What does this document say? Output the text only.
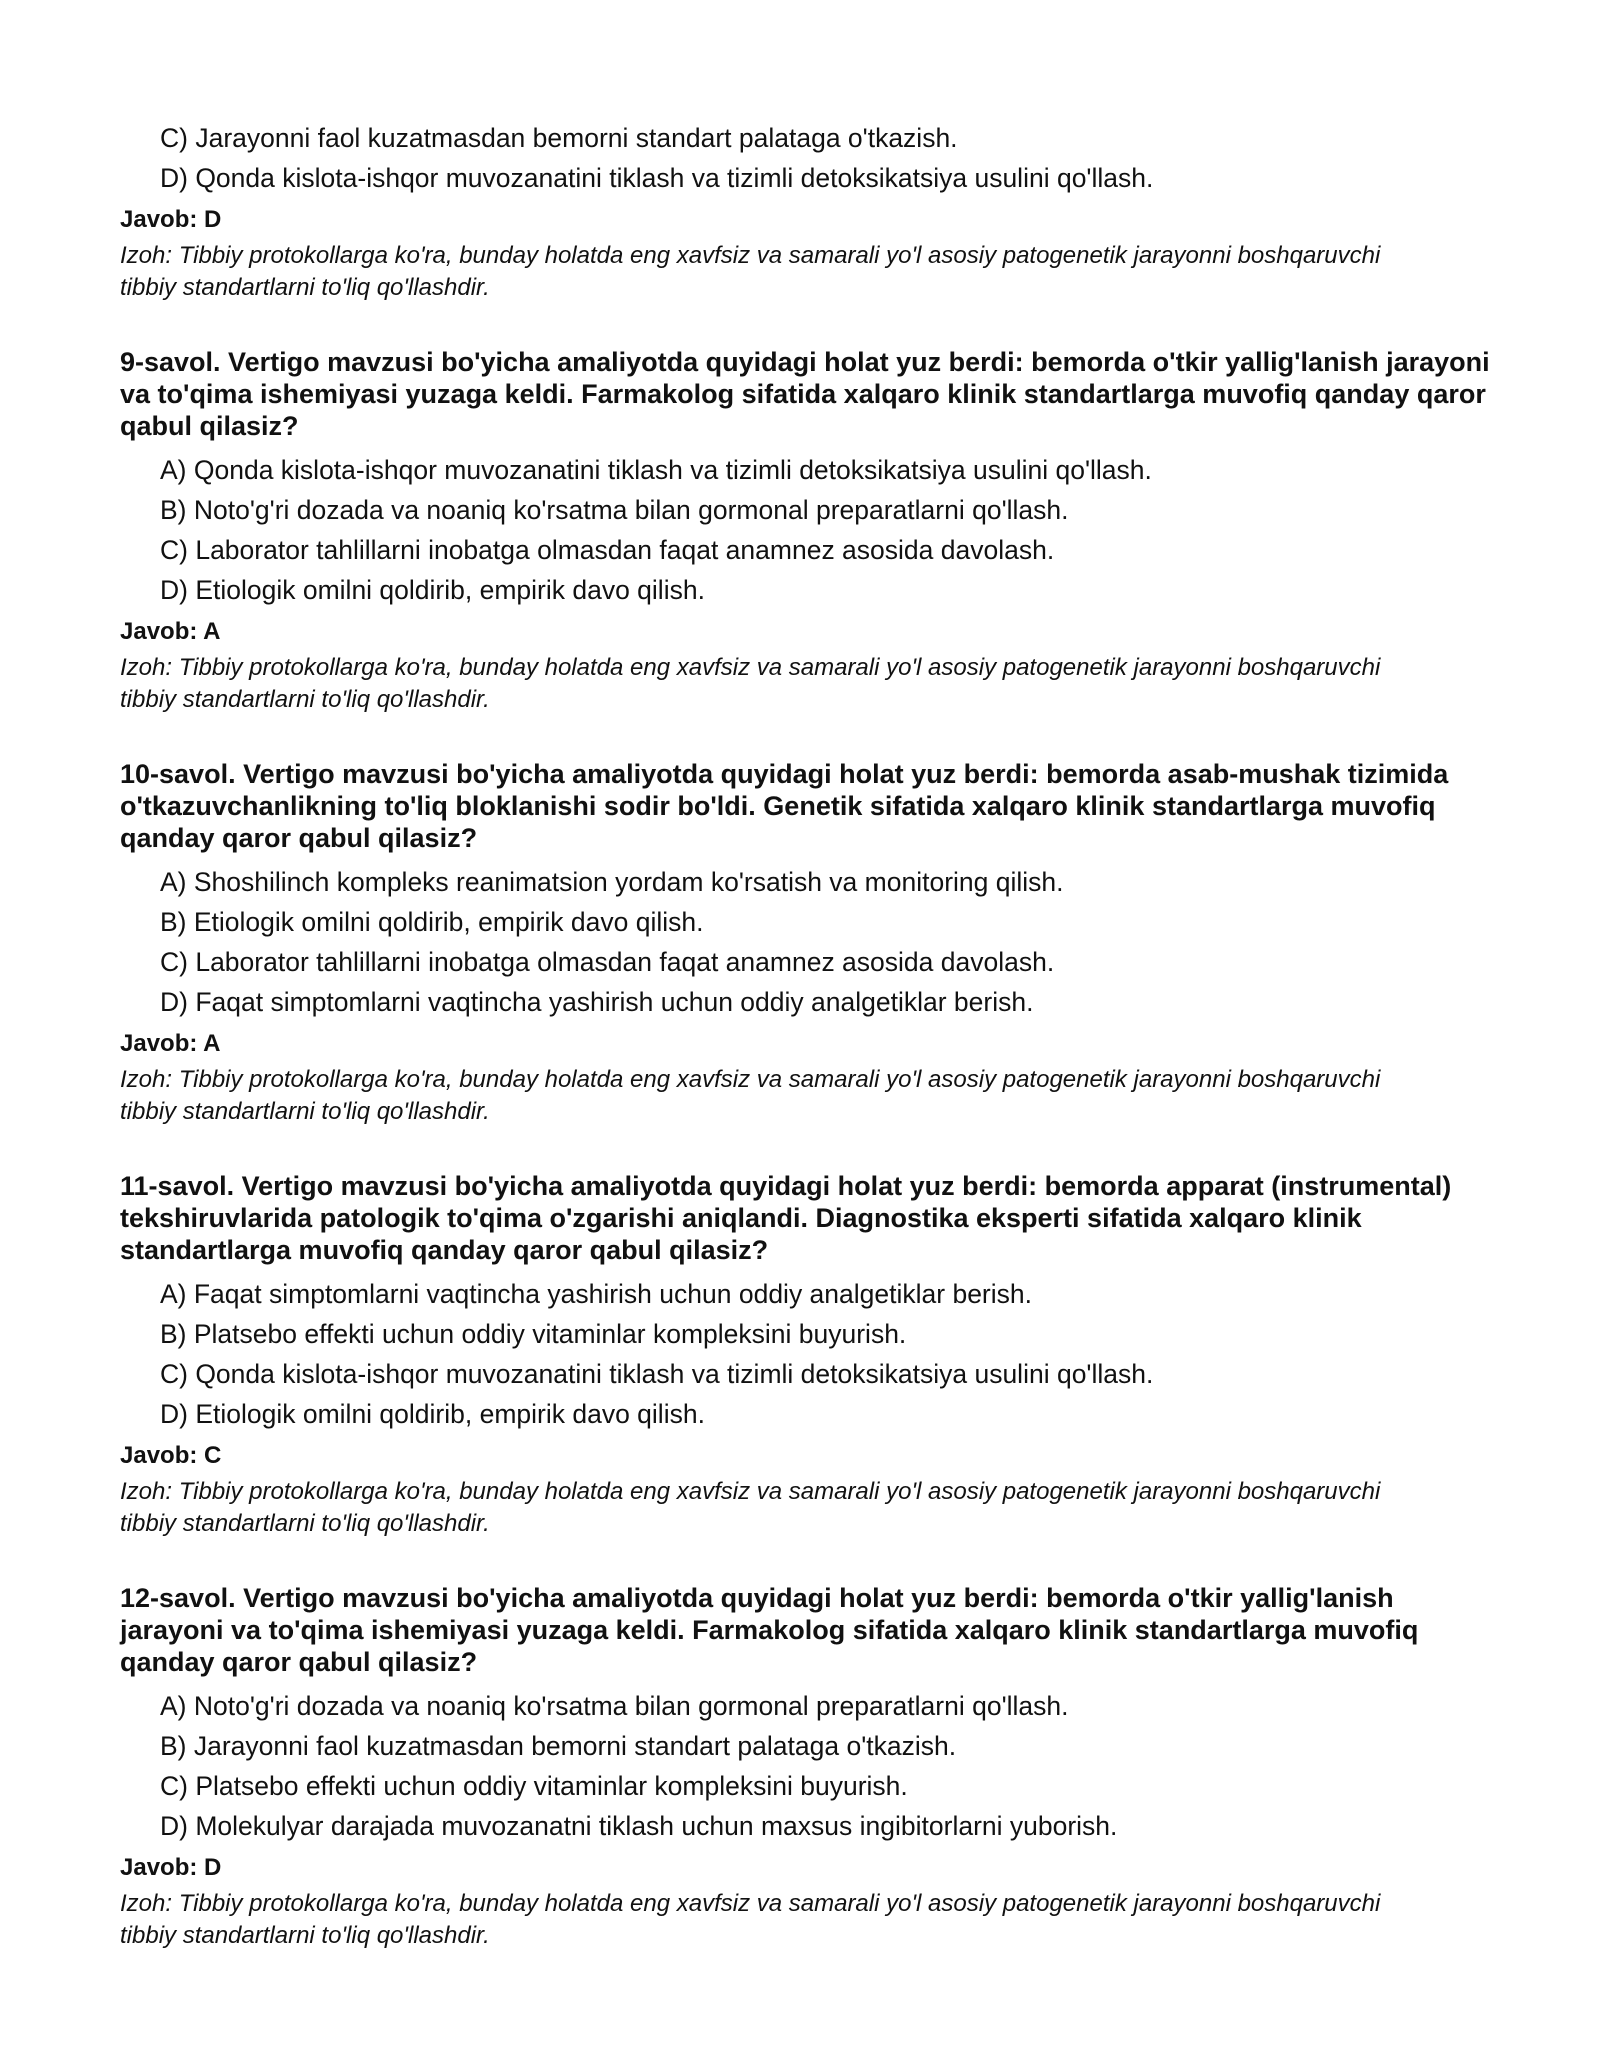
C) Jarayonni faol kuzatmasdan bemorni standart palataga o'tkazish.
D) Qonda kislota-ishqor muvozanatini tiklash va tizimli detoksikatsiya usulini qo'llash.
Javob: D
Izoh: Tibbiy protokollarga ko'ra, bunday holatda eng xavfsiz va samarali yo'l asosiy patogenetik jarayonni boshqaruvchi tibbiy standartlarni to'liq qo'llashdir.
9-savol. Vertigo mavzusi bo'yicha amaliyotda quyidagi holat yuz berdi: bemorda o'tkir yallig'lanish jarayoni va to'qima ishemiyasi yuzaga keldi. Farmakolog sifatida xalqaro klinik standartlarga muvofiq qanday qaror qabul qilasiz?
A) Qonda kislota-ishqor muvozanatini tiklash va tizimli detoksikatsiya usulini qo'llash.
B) Noto'g'ri dozada va noaniq ko'rsatma bilan gormonal preparatlarni qo'llash.
C) Laborator tahlillarni inobatga olmasdan faqat anamnez asosida davolash.
D) Etiologik omilni qoldirib, empirik davo qilish.
Javob: A
Izoh: Tibbiy protokollarga ko'ra, bunday holatda eng xavfsiz va samarali yo'l asosiy patogenetik jarayonni boshqaruvchi tibbiy standartlarni to'liq qo'llashdir.
10-savol. Vertigo mavzusi bo'yicha amaliyotda quyidagi holat yuz berdi: bemorda asab-mushak tizimida o'tkazuvchanlikning to'liq bloklanishi sodir bo'ldi. Genetik sifatida xalqaro klinik standartlarga muvofiq qanday qaror qabul qilasiz?
A) Shoshilinch kompleks reanimatsion yordam ko'rsatish va monitoring qilish.
B) Etiologik omilni qoldirib, empirik davo qilish.
C) Laborator tahlillarni inobatga olmasdan faqat anamnez asosida davolash.
D) Faqat simptomlarni vaqtincha yashirish uchun oddiy analgetiklar berish.
Javob: A
Izoh: Tibbiy protokollarga ko'ra, bunday holatda eng xavfsiz va samarali yo'l asosiy patogenetik jarayonni boshqaruvchi tibbiy standartlarni to'liq qo'llashdir.
11-savol. Vertigo mavzusi bo'yicha amaliyotda quyidagi holat yuz berdi: bemorda apparat (instrumental) tekshiruvlarida patologik to'qima o'zgarishi aniqlandi. Diagnostika eksperti sifatida xalqaro klinik standartlarga muvofiq qanday qaror qabul qilasiz?
A) Faqat simptomlarni vaqtincha yashirish uchun oddiy analgetiklar berish.
B) Platsebo effekti uchun oddiy vitaminlar kompleksini buyurish.
C) Qonda kislota-ishqor muvozanatini tiklash va tizimli detoksikatsiya usulini qo'llash.
D) Etiologik omilni qoldirib, empirik davo qilish.
Javob: C
Izoh: Tibbiy protokollarga ko'ra, bunday holatda eng xavfsiz va samarali yo'l asosiy patogenetik jarayonni boshqaruvchi tibbiy standartlarni to'liq qo'llashdir.
12-savol. Vertigo mavzusi bo'yicha amaliyotda quyidagi holat yuz berdi: bemorda o'tkir yallig'lanish jarayoni va to'qima ishemiyasi yuzaga keldi. Farmakolog sifatida xalqaro klinik standartlarga muvofiq qanday qaror qabul qilasiz?
A) Noto'g'ri dozada va noaniq ko'rsatma bilan gormonal preparatlarni qo'llash.
B) Jarayonni faol kuzatmasdan bemorni standart palataga o'tkazish.
C) Platsebo effekti uchun oddiy vitaminlar kompleksini buyurish.
D) Molekulyar darajada muvozanatni tiklash uchun maxsus ingibitorlarni yuborish.
Javob: D
Izoh: Tibbiy protokollarga ko'ra, bunday holatda eng xavfsiz va samarali yo'l asosiy patogenetik jarayonni boshqaruvchi tibbiy standartlarni to'liq qo'llashdir.
